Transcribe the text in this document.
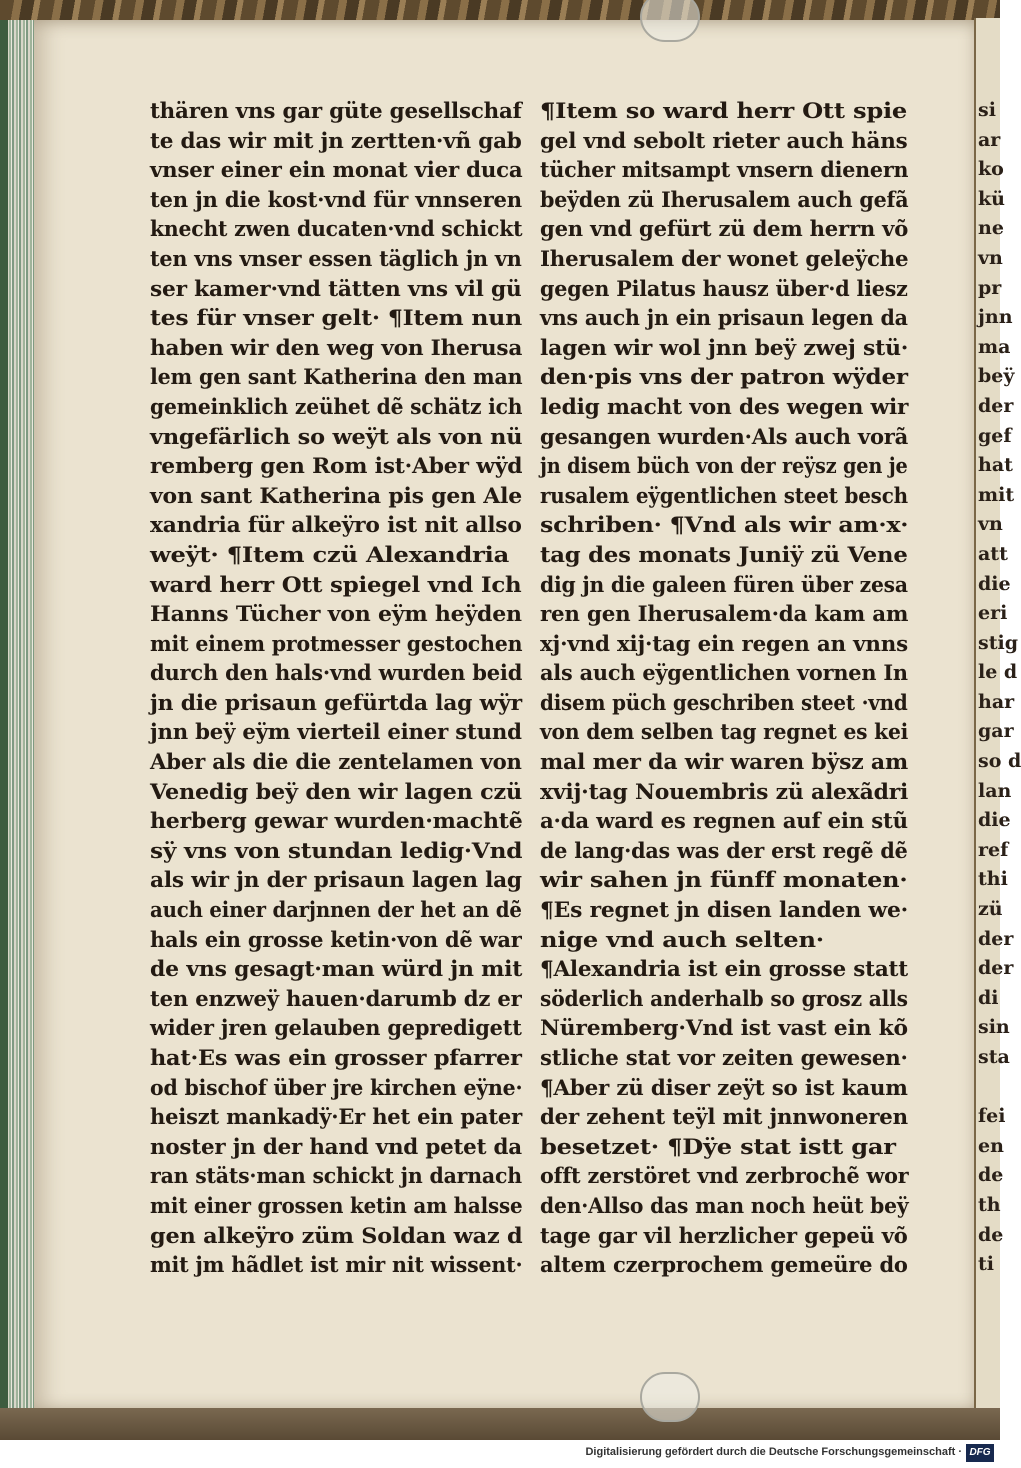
thären vns gar güte gesellschaf
te das wir mit jn zertten·vñ gab
vnser einer ein monat vier duca
ten jn die kost·vnd für vnnseren
knecht zwen ducaten·vnd schickt
ten vns vnser essen täglich jn vn
ser kamer·vnd tätten vns vil gü
tes für vnser gelt· ¶Item nun
haben wir den weg von Iherusa
lem gen sant Katherina den man
gemeinklich zeühet dẽ schätz ich
vngefärlich so weÿt als von nü
remberg gen Rom ist·Aber wÿd
von sant Katherina pis gen Ale
xandria für alkeÿro ist nit allso
weÿt· ¶Item czü Alexandria
ward herr Ott spiegel vnd Ich
Hanns Tücher von eÿm heÿden
mit einem protmesser gestochen
durch den hals·vnd wurden beid
jn die prisaun gefürtda lag wÿr
jnn beÿ eÿm vierteil einer stund
Aber als die die zentelamen von
Venedig beÿ den wir lagen czü
herberg gewar wurden·machtẽ
sÿ vns von stundan ledig·Vnd
als wir jn der prisaun lagen lag
auch einer darjnnen der het an dẽ
hals ein grosse ketin·von dẽ war
de vns gesagt·man würd jn mit
ten enzweÿ hauen·darumb dz er
wider jren gelauben gepredigett
hat·Es was ein grosser pfarrer
od bischof über jre kirchen eÿne·
heiszt mankadÿ·Er het ein pater
noster jn der hand vnd petet da
ran stäts·man schickt jn darnach
mit einer grossen ketin am halsse
gen alkeÿro züm Soldan waz d
mit jm hãdlet ist mir nit wissent·
¶Item so ward herr Ott spie
gel vnd sebolt rieter auch häns
tücher mitsampt vnsern dienern
beÿden zü Iherusalem auch gefã
gen vnd gefürt zü dem herrn võ
Iherusalem der wonet geleÿche
gegen Pilatus hausz über·d liesz
vns auch jn ein prisaun legen da
lagen wir wol jnn beÿ zwej stü·
den·pis vns der patron wÿder
ledig macht von des wegen wir
gesangen wurden·Als auch vorã
jn disem büch von der reÿsz gen je
rusalem eÿgentlichen steet besch
schriben· ¶Vnd als wir am·x·
tag des monats Juniÿ zü Vene
dig jn die galeen füren über zesa
ren gen Iherusalem·da kam am
xj·vnd xij·tag ein regen an vnns
als auch eÿgentlichen vornen In
disem püch geschriben steet ·vnd
von dem selben tag regnet es kei
mal mer da wir waren bÿsz am
xvij·tag Nouembris zü alexãdri
a·da ward es regnen auf ein stũ
de lang·das was der erst regẽ dẽ
wir sahen jn fünff monaten·
¶Es regnet jn disen landen we·
nige vnd auch selten·
¶Alexandria ist ein grosse statt
söderlich anderhalb so grosz alls
Nüremberg·Vnd ist vast ein kõ
stliche stat vor zeiten gewesen·
¶Aber zü diser zeÿt so ist kaum
der zehent teÿl mit jnnwoneren
besetzet· ¶Dÿe stat istt gar
offt zerstöret vnd zerbrochẽ wor
den·Allso das man noch heüt beÿ
tage gar vil herzlicher gepeü võ
altem czerprochem gemeüre do
si
ar
ko
kü
ne
vn
pr
jnn
ma
beÿ
der
gef
hat
mit
vn
att
die
eri
stig
le d
har
gar
so d
lan
die
ref
thi
zü
der
der
di
sin
sta
fei
en
de
th
de
ti
Digitalisierung gefördert durch die Deutsche Forschungsgemeinschaft · DFG
